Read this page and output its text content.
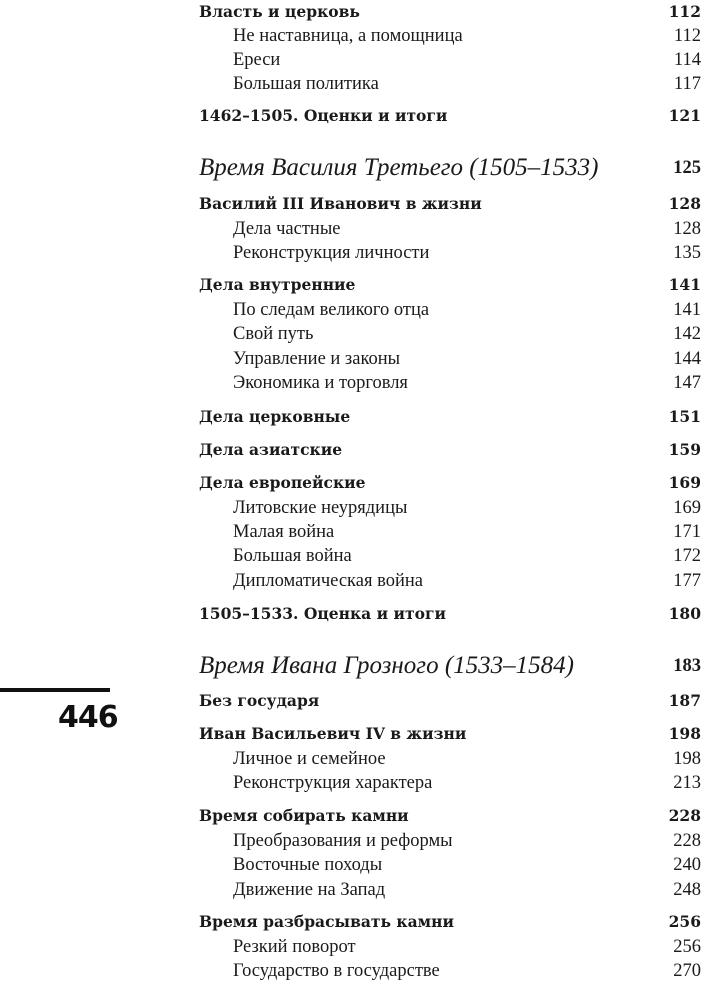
446
Власть и церковь	112
Не наставница, а помощница	112
Ереси	114
Большая политика	117
1462–1505. Оценки и итоги	121
Время Василия Третьего (1505–1533)	125
Василий III Иванович в жизни	128
Дела частные	128
Реконструкция личности	135
Дела внутренние	141
По следам великого отца	141
Свой путь	142
Управление и законы	144
Экономика и торговля	147
Дела церковные	151
Дела азиатские	159
Дела европейские	169
Литовские неурядицы	169
Малая война	171
Большая война	172
Дипломатическая война	177
1505–1533. Оценка и итоги	180
Время Ивана Грозного (1533–1584)	183
Без государя	187
Иван Васильевич IV в жизни	198
Личное и семейное	198
Реконструкция характера	213
Время собирать камни	228
Преобразования и реформы	228
Восточные походы	240
Движение на Запад	248
Время разбрасывать камни	256
Резкий поворот	256
Государство в государстве	270
